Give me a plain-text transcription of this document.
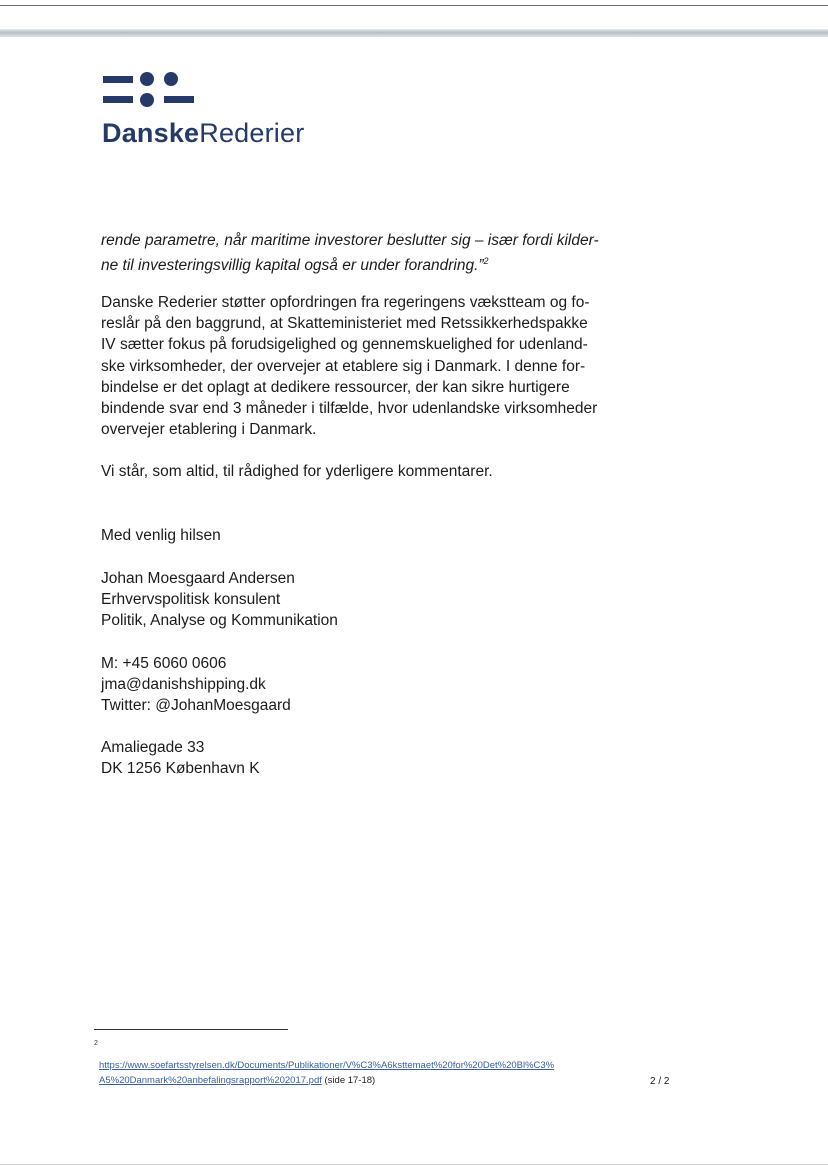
DanskeRederier
rende parametre, når maritime investorer beslutter sig – især fordi kilder-
ne til investeringsvillig kapital også er under forandring.”$^2$
Danske Rederier støtter opfordringen fra regeringens vækstteam og fo-
reslår på den baggrund, at Skatteministeriet med Retssikkerhedspakke
IV sætter fokus på forudsigelighed og gennemskuelighed for udenland-
ske virksomheder, der overvejer at etablere sig i Danmark. I denne for-
bindelse er det oplagt at dedikere ressourcer, der kan sikre hurtigere
bindende svar end 3 måneder i tilfælde, hvor udenlandske virksomheder
overvejer etablering i Danmark.
Vi står, som altid, til rådighed for yderligere kommentarer.
Med venlig hilsen
Johan Moesgaard Andersen
Erhvervspolitisk konsulent
Politik, Analyse og Kommunikation
M: +45 6060 0606
jma@danishshipping.dk
Twitter: @JohanMoesgaard
Amaliegade 33
DK 1256 København K
2
https://www.soefartsstyrelsen.dk/Documents/Publikationer/V%C3%A6ksttemaet%20for%20Det%20Bl%C3%
A5%20Danmark%20anbefalingsrapport%202017.pdf (side 17-18)	2 / 2
